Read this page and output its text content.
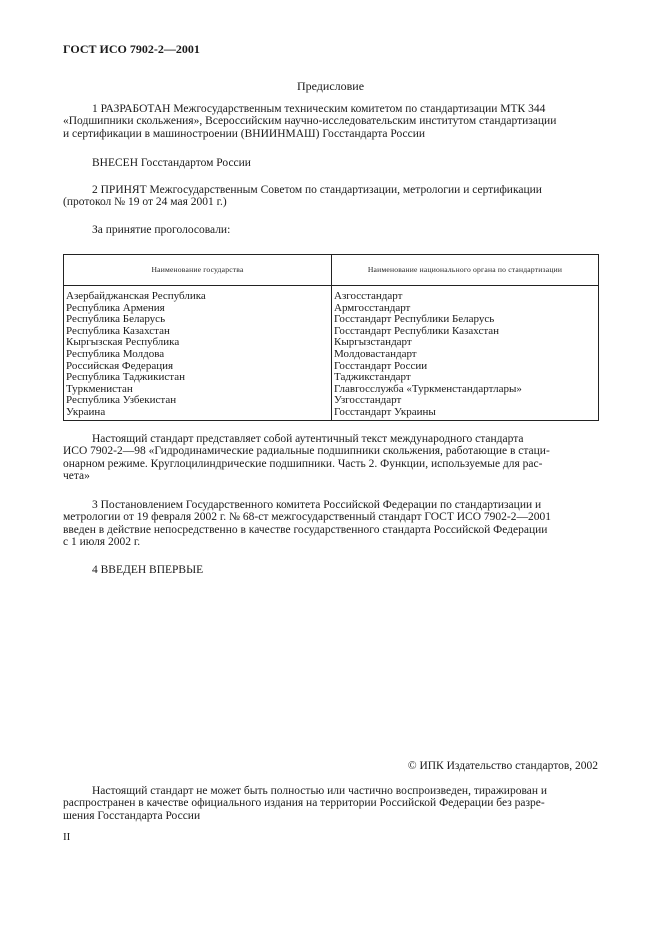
ГОСТ ИСО 7902-2—2001
Предисловие

1 РАЗРАБОТАН Межгосударственным техническим комитетом по стандартизации МТК 344

«Подшипники скольжения», Всероссийским научно-исследовательским институтом стандартизации

и сертификации в машиностроении (ВНИИНМАШ) Госстандарта России

ВНЕСЕН Госстандартом России

2 ПРИНЯТ Межгосударственным Советом по стандартизации, метрологии и сертификации

(протокол № 19 от 24 мая 2001 г.)

За принятие проголосовали:
Наименование государства	Наименование национального органа по стандартизации
Азербайджанская Республика	Азгосстандарт
Республика Армения	Армгосстандарт
Республика Беларусь	Госстандарт Республики Беларусь
Республика Казахстан	Госстандарт Республики Казахстан
Кыргызская Республика	Кыргызстандарт
Республика Молдова	Молдовастандарт
Российская Федерация	Госстандарт России
Республика Таджикистан	Таджикстандарт
Туркменистан	Главгосслужба «Туркменстандартлары»
Республика Узбекистан	Узгосстандарт
Украина	Госстандарт Украины

Настоящий стандарт представляет собой аутентичный текст международного стандарта

ИСО 7902-2—98 «Гидродинамические радиальные подшипники скольжения, работающие в стаци-

онарном режиме. Круглоцилиндрические подшипники. Часть 2. Функции, используемые для рас-

чета»

3 Постановлением Государственного комитета Российской Федерации по стандартизации и

метрологии от 19 февраля 2002 г. № 68-ст межгосударственный стандарт ГОСТ ИСО 7902-2—2001

введен в действие непосредственно в качестве государственного стандарта Российской Федерации

с 1 июля 2002 г.

4 ВВЕДЕН ВПЕРВЫЕ
© ИПК Издательство стандартов, 2002

Настоящий стандарт не может быть полностью или частично воспроизведен, тиражирован и

распространен в качестве официального издания на территории Российской Федерации без разре-

шения Госстандарта России

II
